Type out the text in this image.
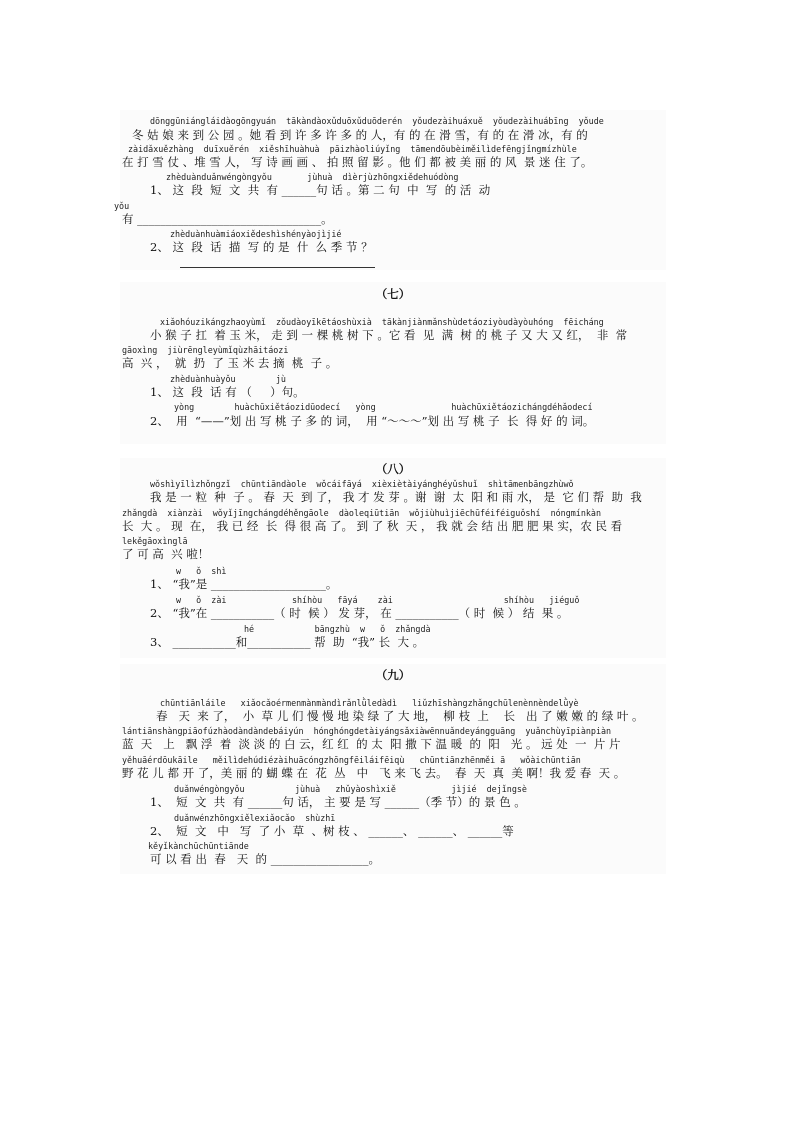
dōnggūniángláidàogōngyuán  tākàndàoxǔduōxǔduōderén  yǒudezàihuáxuě  yǒudezàihuábīng  yǒude
冬 姑 娘 来 到 公 园 。她 看 到 许 多 许 多 的 人，有 的 在 滑 雪，有 的 在 滑 冰，有 的
zàidǎxuězhàng  duīxuěrén  xiěshīhuàhuà  pāizhàoliúyǐng  tāmendōubèiměilìdefēngjǐngmízhùle
在 打 雪 仗 、堆 雪 人， 写 诗 画 画 、 拍 照 留 影 。他 们 都 被 美 丽 的 风  景 迷 住 了。
zhèduànduǎnwéngòngyǒu       jùhuà  dìèrjùzhōngxiědehuódòng
1、 这  段  短  文  共  有 ______句 话 。第 二 句  中  写  的 活  动
yǒu
有 ________________________________。
zhèduànhuàmiáoxiědeshìshényàojìjié
2、 这  段  话  描  写 的 是  什  么 季 节 ？
（七）
xiǎohóuzikángzhaoyùmǐ  zǒudàoyīkētáoshùxià  tākànjiànmǎnshùdetáoziyòudàyòuhóng  fēicháng
小 猴 子 扛  着 玉 米， 走 到 一 棵 桃 树 下 。它 看  见  满  树 的 桃 子 又 大 又 红，  非  常
gāoxìng  jiùrēngleyùmǐqùzhāitáozi
高  兴 ，  就  扔  了 玉 米 去 摘  桃  子 。
zhèduànhuàyǒu        jù
1、 这  段  话 有 （     ）句。
yòng        huàchūxiětáozidūodecí   yòng               huàchūxiětáozichángdéhǎodecí
2、  用  “——”划 出 写 桃 子 多 的 词，  用 “～～～”划 出 写 桃 子  长  得 好 的 词。
（八）
wǒshìyīlìzhǒngzǐ  chūntiāndàole  wǒcáifāyá  xièxiètàiyánghéyǔshuǐ  shìtāmenbāngzhùwǒ
我 是 一 粒  种  子 。 春  天  到 了， 我 才 发 芽 。谢  谢  太  阳 和 雨 水， 是  它 们 帮  助  我
zhǎngdà  xiànzài  wǒyǐjīngchángdéhěngāole  dàoleqiūtiān  wǒjiùhuìjiēchūféiféiguǒshí  nóngmínkàn
长  大 。 现  在， 我 已 经  长  得 很 高 了。 到 了 秋  天 ， 我 就 会 结 出 肥 肥 果 实，农 民 看
lekěgāoxìnglā
了 可 高  兴 啦！
w   ǒ  shì
1、 “我”是 ____________________。
w   ǒ  zài             shíhòu   fāyá    zài                      shíhòu   jiéguǒ
2、 “我”在 ___________（ 时  候 ） 发 芽， 在 ___________（ 时  候 ） 结  果 。
hé            bāngzhù  w   ǒ  zhǎngdà
3、 ___________和___________ 帮  助  “我” 长  大 。
（九）
chūntiānláile   xiǎocǎoérmenmànmàndìrǎnlǜledàdì   liǔzhīshàngzhǎngchūlenènnèndelǜyè
春   天  来 了，  小  草 儿 们 慢 慢 地 染 绿 了 大 地，  柳 枝  上    长   出 了 嫩 嫩 的 绿 叶 。
lántiānshàngpiāofúzhàodàndàndebáiyún  hónghóngdetàiyángsǎxiàwēnnuǎndeyángguāng  yuǎnchùyīpiànpiàn
蓝  天   上   飘 浮  着  淡 淡 的 白 云，红 红  的 太  阳 撒 下 温 暖  的  阳   光 。 远 处  一  片 片
yěhuāérdōukāile   měilìdehúdiézàihuācóngzhōngfēiláifēiqù   chūntiānzhēnměi ā   wǒàichūntiān
野 花 儿 都 开 了，美 丽 的 蝴 蝶 在  花  丛   中   飞 来 飞 去。  春  天  真  美 啊！我 爱 春  天 。
duǎnwéngòngyǒu          jùhuà   zhǔyàoshìxiě           jìjié  dejǐngsè
1、  短  文  共  有 ______句 话， 主 要 是 写 ______（季 节）的 景 色 。
duǎnwénzhōngxiělexiǎocǎo  shùzhī
2、  短  文   中   写  了 小  草  、树 枝 、 ______、 ______、 ______等
kěyǐkànchūchūntiānde
可 以 看 出  春   天  的 _________________。
